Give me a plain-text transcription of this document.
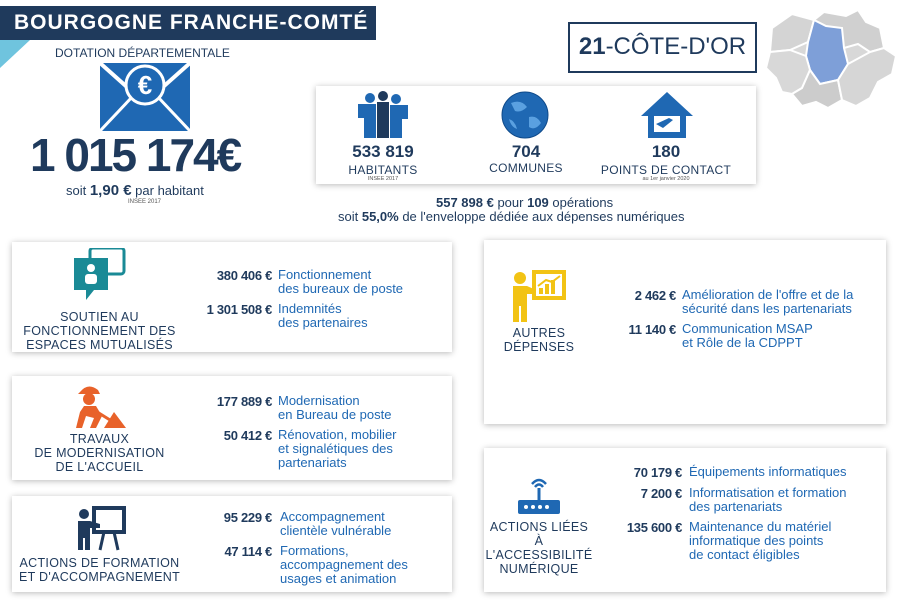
BOURGOGNE FRANCHE-COMTÉ
DOTATION DÉPARTEMENTALE
€
1 015 174€
soit 1,90 € par habitant
INSEE 2017
21-CÔTE-D'OR
533 819
HABITANTS
INSEE 2017
704
COMMUNES
180
POINTS DE CONTACT
au 1er janvier 2020
557 898 € pour 109 opérations
soit 55,0% de l'enveloppe dédiée aux dépenses numériques
SOUTIEN AU
FONCTIONNEMENT DES
ESPACES MUTUALISÉS
380 406 € Fonctionnement
des bureaux de poste
1 301 508 € Indemnités
des partenaires
TRAVAUX
DE MODERNISATION
DE L'ACCUEIL
177 889 € Modernisation
en Bureau de poste
50 412 € Rénovation, mobilier
et signalétiques des
partenariats
ACTIONS DE FORMATION
ET D'ACCOMPAGNEMENT
95 229 € Accompagnement
clientèle vulnérable
47 114 € Formations,
accompagnement des
usages et animation
AUTRES
DÉPENSES
2 462 € Amélioration de l'offre et de la
sécurité dans les partenariats
11 140 € Communication MSAP
et Rôle de la CDPPT
ACTIONS LIÉES
À L'ACCESSIBILITÉ
NUMÉRIQUE
70 179 € Équipements informatiques
7 200 € Informatisation et formation
des partenariats
135 600 € Maintenance du matériel
informatique des points
de contact éligibles
